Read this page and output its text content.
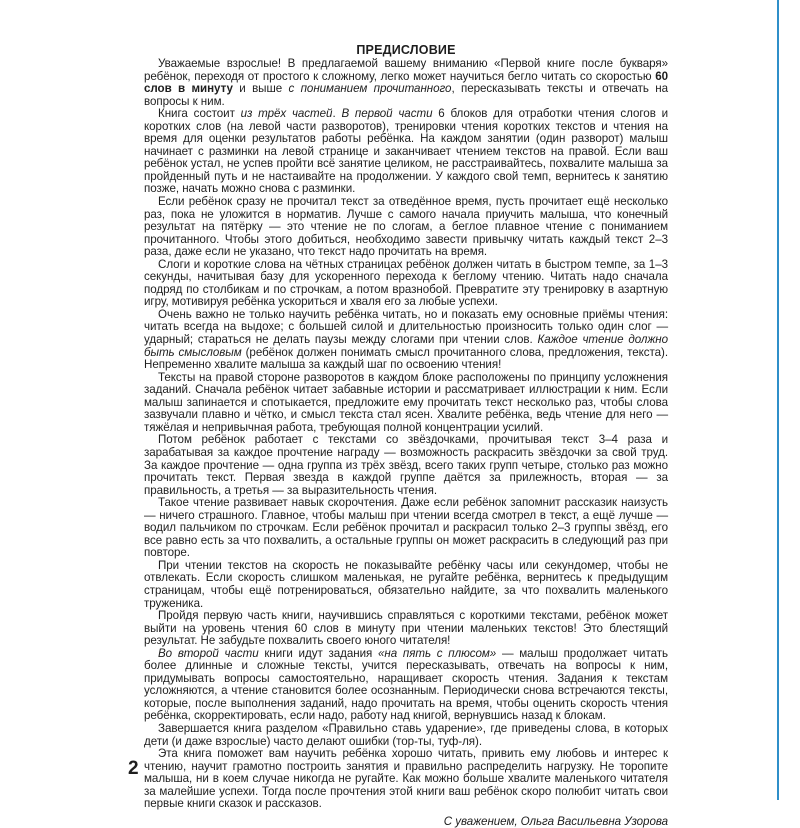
ПРЕДИСЛОВИЕ

Уважаемые взрослые! В предлагаемой вашему вниманию «Первой книге после букваря» ребёнок, переходя от простого к сложному, легко может научиться бегло читать со скоростью 60 слов в минуту и выше с пониманием прочитанного, пересказывать тексты и отвечать на вопросы к ним.

Книга состоит из трёх частей. В первой части 6 блоков для отработки чтения слогов и коротких слов (на левой части разворотов), тренировки чтения коротких текстов и чтения на время для оценки результатов работы ребёнка. На каждом занятии (один разворот) малыш начинает с разминки на левой странице и заканчивает чтением текстов на правой. Если ваш ребёнок устал, не успев пройти всё занятие целиком, не расстраивайтесь, похвалите малыша за пройденный путь и не настаивайте на продолжении. У каждого свой темп, вернитесь к занятию позже, начать можно снова с разминки.

Если ребёнок сразу не прочитал текст за отведённое время, пусть прочитает ещё несколько раз, пока не уложится в норматив. Лучше с самого начала приучить малыша, что конечный результат на пятёрку — это чтение не по слогам, а беглое плавное чтение с пониманием прочитанного. Чтобы этого добиться, необходимо завести привычку читать каждый текст 2–3 раза, даже если не указано, что текст надо прочитать на время.

Слоги и короткие слова на чётных страницах ребёнок должен читать в быстром темпе, за 1–3 секунды, начитывая базу для ускоренного перехода к беглому чтению. Читать надо сначала подряд по столбикам и по строчкам, а потом вразнобой. Превратите эту тренировку в азартную игру, мотивируя ребёнка ускориться и хваля его за любые успехи.

Очень важно не только научить ребёнка читать, но и показать ему основные приёмы чтения: читать всегда на выдохе; с большей силой и длительностью произносить только один слог — ударный; стараться не делать паузы между слогами при чтении слов. Каждое чтение должно быть смысловым (ребёнок должен понимать смысл прочитанного слова, предложения, текста). Непременно хвалите малыша за каждый шаг по освоению чтения!

Тексты на правой стороне разворотов в каждом блоке расположены по принципу усложнения заданий. Сначала ребёнок читает забавные истории и рассматривает иллюстрации к ним. Если малыш запинается и спотыкается, предложите ему прочитать текст несколько раз, чтобы слова зазвучали плавно и чётко, и смысл текста стал ясен. Хвалите ребёнка, ведь чтение для него — тяжёлая и непривычная работа, требующая полной концентрации усилий.

Потом ребёнок работает с текстами со звёздочками, прочитывая текст 3–4 раза и зарабатывая за каждое прочтение награду — возможность раскрасить звёздочки за свой труд. За каждое прочтение — одна группа из трёх звёзд, всего таких групп четыре, столько раз можно прочитать текст. Первая звезда в каждой группе даётся за прилежность, вторая — за правильность, а третья — за выразительность чтения.

Такое чтение развивает навык скорочтения. Даже если ребёнок запомнит рассказик наизусть — ничего страшного. Главное, чтобы малыш при чтении всегда смотрел в текст, а ещё лучше — водил пальчиком по строчкам. Если ребёнок прочитал и раскрасил только 2–3 группы звёзд, его все равно есть за что похвалить, а остальные группы он может раскрасить в следующий раз при повторе.

При чтении текстов на скорость не показывайте ребёнку часы или секундомер, чтобы не отвлекать. Если скорость слишком маленькая, не ругайте ребёнка, вернитесь к предыдущим страницам, чтобы ещё потренироваться, обязательно найдите, за что похвалить маленького труженика.

Пройдя первую часть книги, научившись справляться с короткими текстами, ребёнок может выйти на уровень чтения 60 слов в минуту при чтении маленьких текстов! Это блестящий результат. Не забудьте похвалить своего юного читателя!

Во второй части книги идут задания «на пять с плюсом» — малыш продолжает читать более длинные и сложные тексты, учится пересказывать, отвечать на вопросы к ним, придумывать вопросы самостоятельно, наращивает скорость чтения. Задания к текстам усложняются, а чтение становится более осознанным. Периодически снова встречаются тексты, которые, после выполнения заданий, надо прочитать на время, чтобы оценить скорость чтения ребёнка, скорректировать, если надо, работу над книгой, вернувшись назад к блокам.

Завершается книга разделом «Правильно ставь ударение», где приведены слова, в которых дети (и даже взрослые) часто делают ошибки (тор-ты, туф-ля).

Эта книга поможет вам научить ребёнка хорошо читать, привить ему любовь и интерес к чтению, научит грамотно построить занятия и правильно распределить нагрузку. Не торопите малыша, ни в коем случае никогда не ругайте. Как можно больше хвалите маленького читателя за малейшие успехи. Тогда после прочтения этой книги ваш ребёнок скоро полюбит читать свои первые книги сказок и рассказов.

С уважением, Ольга Васильевна Узорова
2
